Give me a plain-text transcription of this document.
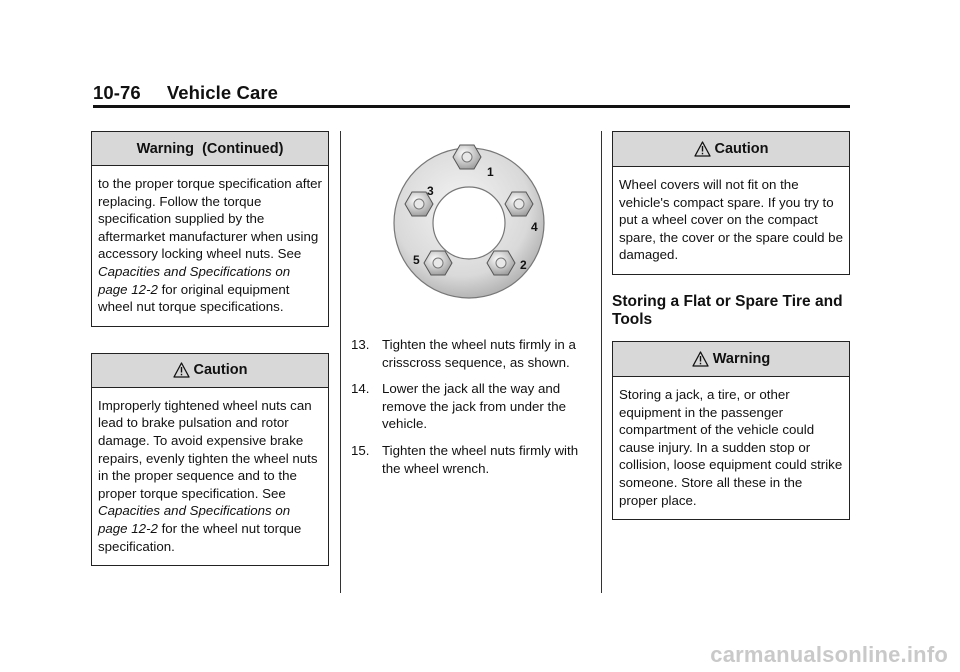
10-76 Vehicle Care
Warning  (Continued)
to the proper torque specification after replacing. Follow the torque specification supplied by the aftermarket manufacturer when using accessory locking wheel nuts. See Capacities and Specifications on page 12‑2 for original equipment wheel nut torque specifications.
Caution
Improperly tightened wheel nuts can lead to brake pulsation and rotor damage. To avoid expensive brake repairs, evenly tighten the wheel nuts in the proper sequence and to the proper torque specification. See Capacities and Specifications on page 12‑2 for the wheel nut torque specification.
1
2
3
4
5
13. Tighten the wheel nuts firmly in a crisscross sequence, as shown.
14. Lower the jack all the way and remove the jack from under the vehicle.
15. Tighten the wheel nuts firmly with the wheel wrench.
Caution
Wheel covers will not fit on the vehicle's compact spare. If you try to put a wheel cover on the compact spare, the cover or the spare could be damaged.
Storing a Flat or Spare Tire and Tools
Warning
Storing a jack, a tire, or other equipment in the passenger compartment of the vehicle could cause injury. In a sudden stop or collision, loose equipment could strike someone. Store all these in the proper place.
carmanualsonline.info
